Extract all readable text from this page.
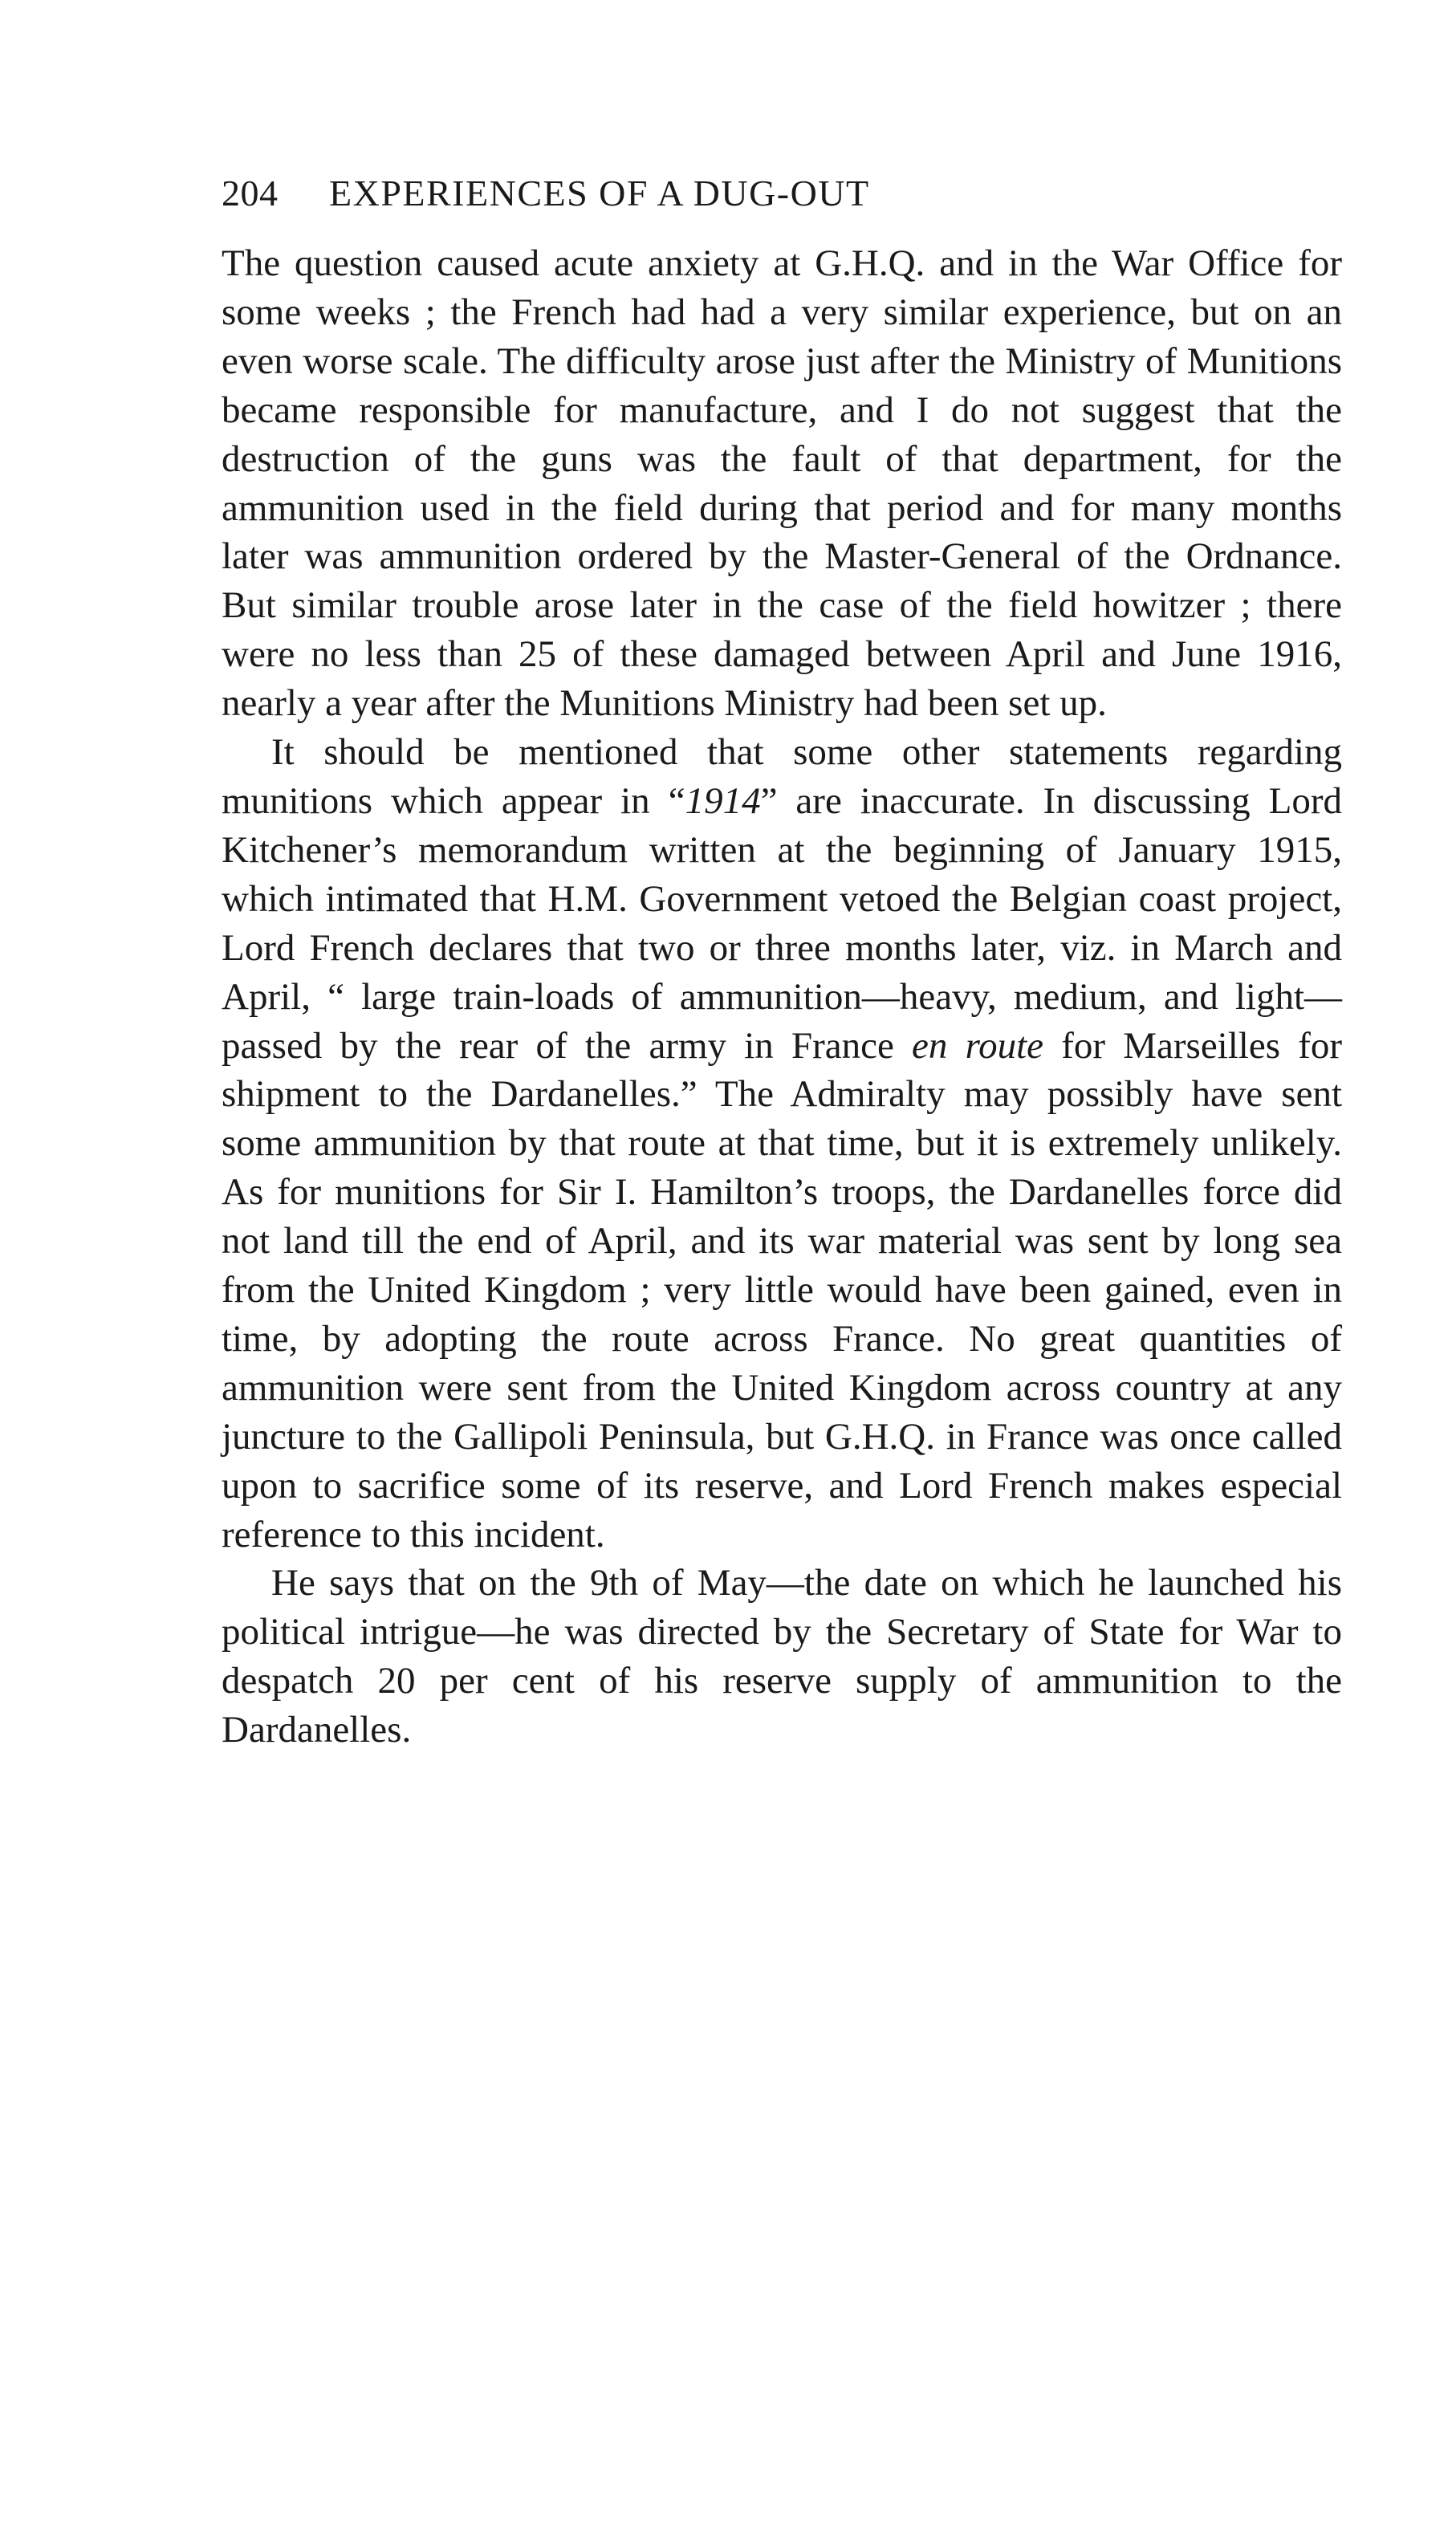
204	EXPERIENCES OF A DUG-OUT

The question caused acute anxiety at G.H.Q. and in the War Office for some weeks ; the French had had a very similar experience, but on an even worse scale. The difficulty arose just after the Ministry of Munitions became responsible for manufacture, and I do not suggest that the destruction of the guns was the fault of that department, for the ammunition used in the field during that period and for many months later was ammunition ordered by the Master-General of the Ordnance. But similar trouble arose later in the case of the field howitzer ; there were no less than 25 of these damaged between April and June 1916, nearly a year after the Munitions Ministry had been set up.

It should be mentioned that some other statements regarding munitions which appear in “1914” are inaccurate. In discussing Lord Kitchener’s memorandum written at the beginning of January 1915, which intimated that H.M. Government vetoed the Belgian coast project, Lord French declares that two or three months later, viz. in March and April, “ large train-loads of ammunition—heavy, medium, and light—passed by the rear of the army in France en route for Marseilles for shipment to the Dardanelles.” The Admiralty may possibly have sent some ammunition by that route at that time, but it is extremely unlikely. As for munitions for Sir I. Hamilton’s troops, the Dardanelles force did not land till the end of April, and its war material was sent by long sea from the United Kingdom ; very little would have been gained, even in time, by adopting the route across France. No great quantities of ammunition were sent from the United Kingdom across country at any juncture to the Gallipoli Peninsula, but G.H.Q. in France was once called upon to sacrifice some of its reserve, and Lord French makes especial reference to this incident.

He says that on the 9th of May—the date on which he launched his political intrigue—he was directed by the Secretary of State for War to despatch 20 per cent of his reserve supply of ammunition to the Dardanelles.
